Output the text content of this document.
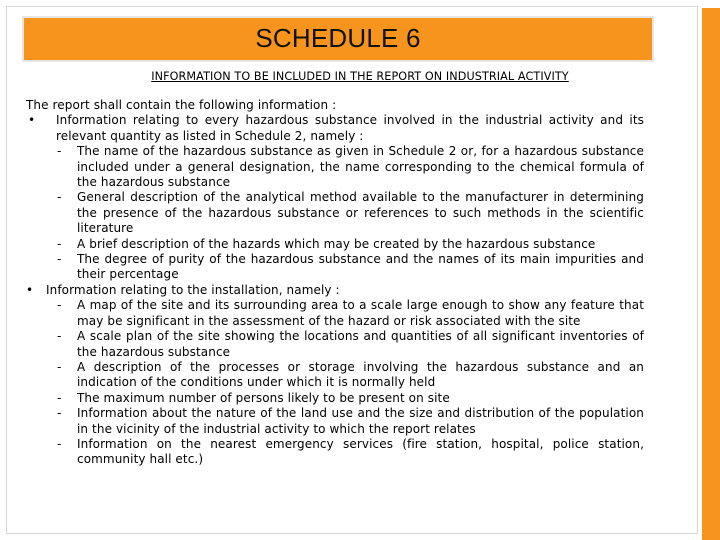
SCHEDULE 6
INFORMATION TO BE INCLUDED IN THE REPORT ON INDUSTRIAL ACTIVITY

The report shall contain the following information :

• Information relating to every hazardous substance involved in the industrial activity and its relevant quantity as listed in Schedule 2, namely :
- The name of the hazardous substance as given in Schedule 2 or, for a hazardous substance included under a general designation, the name corresponding to the chemical formula of the hazardous substance
- General description of the analytical method available to the manufacturer in determining the presence of the hazardous substance or references to such methods in the scientific literature
- A brief description of the hazards which may be created by the hazardous substance
- The degree of purity of the hazardous substance and the names of its main impurities and their percentage
• Information relating to the installation, namely :
- A map of the site and its surrounding area to a scale large enough to show any feature that may be significant in the assessment of the hazard or risk associated with the site
- A scale plan of the site showing the locations and quantities of all significant inventories of the hazardous substance
- A description of the processes or storage involving the hazardous substance and an indication of the conditions under which it is normally held
- The maximum number of persons likely to be present on site
- Information about the nature of the land use and the size and distribution of the population in the vicinity of the industrial activity to which the report relates
- Information on the nearest emergency services (fire station, hospital, police station, community hall etc.)
